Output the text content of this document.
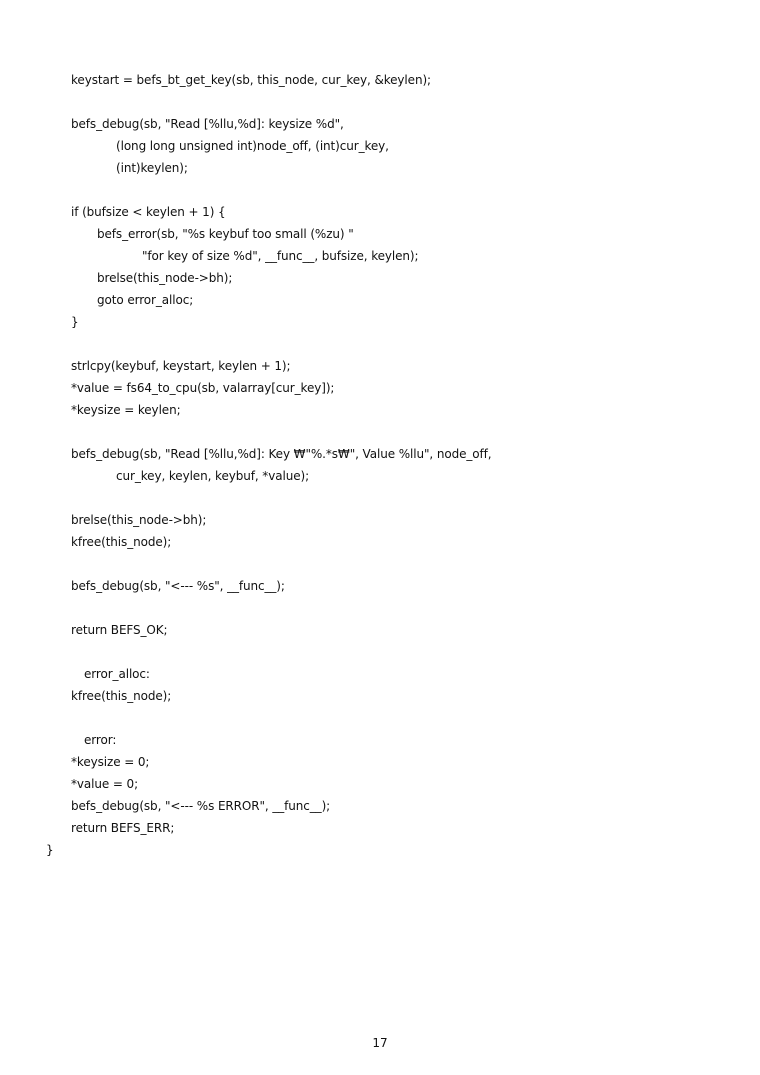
keystart = befs_bt_get_key(sb, this_node, cur_key, &keylen);
befs_debug(sb, "Read [%llu,%d]: keysize %d",
(long long unsigned int)node_off, (int)cur_key,
(int)keylen);
if (bufsize < keylen + 1) {
befs_error(sb, "%s keybuf too small (%zu) "
"for key of size %d", __func__, bufsize, keylen);
brelse(this_node->bh);
goto error_alloc;
}
strlcpy(keybuf, keystart, keylen + 1);
*value = fs64_to_cpu(sb, valarray[cur_key]);
*keysize = keylen;
befs_debug(sb, "Read [%llu,%d]: Key ₩"%.*s₩", Value %llu", node_off,
cur_key, keylen, keybuf, *value);
brelse(this_node->bh);
kfree(this_node);
befs_debug(sb, "<--- %s", __func__);
return BEFS_OK;
error_alloc:
kfree(this_node);
error:
*keysize = 0;
*value = 0;
befs_debug(sb, "<--- %s ERROR", __func__);
return BEFS_ERR;
}
17
